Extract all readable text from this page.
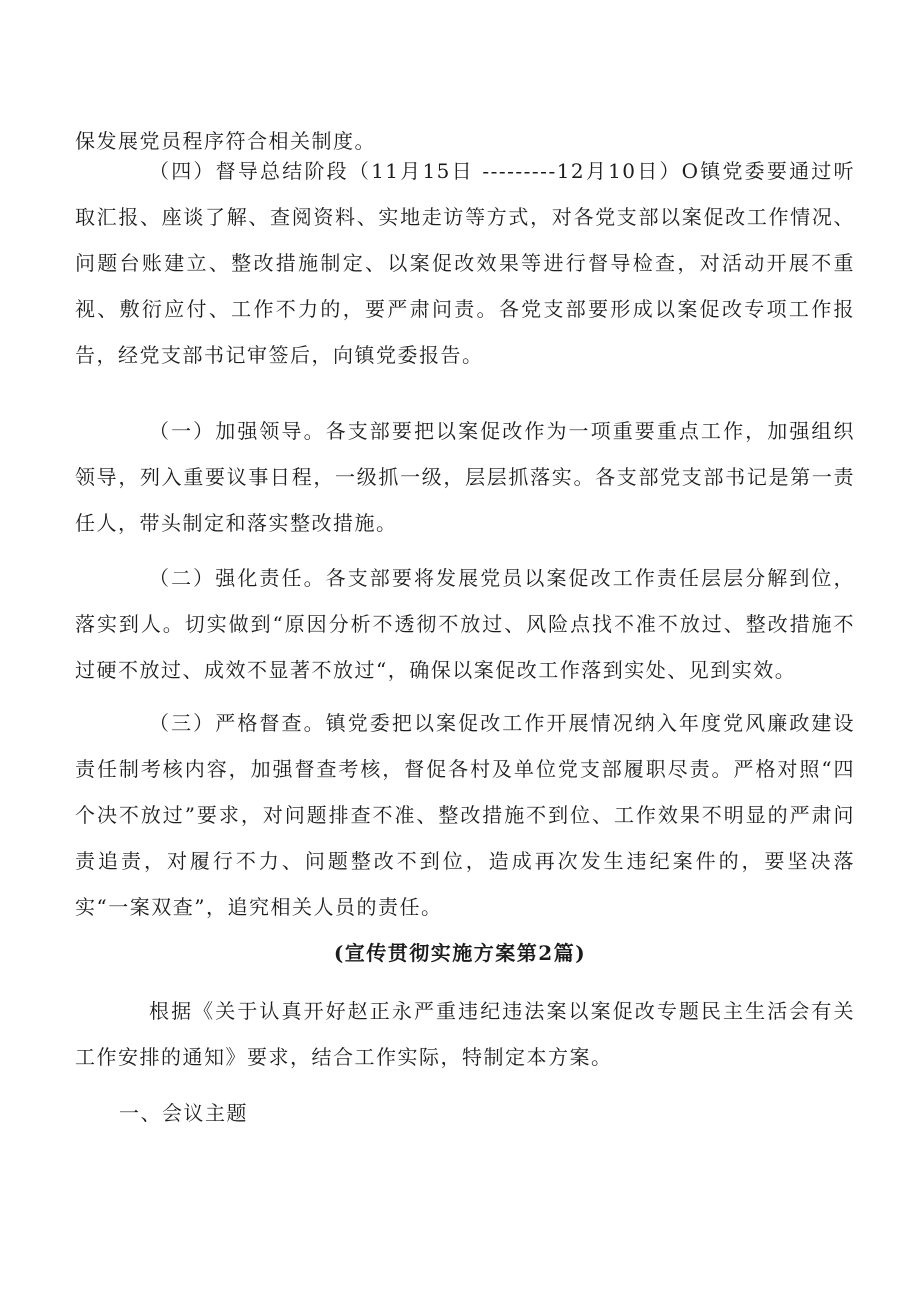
保发展党员程序符合相关制度。

（四）督导总结阶段（11月15日 ---------12月10日）O镇党委要通过听取汇报、座谈了解、查阅资料、实地走访等方式，对各党支部以案促改工作情况、问题台账建立、整改措施制定、以案促改效果等进行督导检查，对活动开展不重视、敷衍应付、工作不力的，要严肃问责。各党支部要形成以案促改专项工作报告，经党支部书记审签后，向镇党委报告。

（一）加强领导。各支部要把以案促改作为一项重要重点工作，加强组织领导，列入重要议事日程，一级抓一级，层层抓落实。各支部党支部书记是第一责任人，带头制定和落实整改措施。

（二）强化责任。各支部要将发展党员以案促改工作责任层层分解到位，落实到人。切实做到“原因分析不透彻不放过、风险点找不准不放过、整改措施不过硬不放过、成效不显著不放过“，确保以案促改工作落到实处、见到实效。

（三）严格督查。镇党委把以案促改工作开展情况纳入年度党风廉政建设责任制考核内容，加强督查考核，督促各村及单位党支部履职尽责。严格对照“四个决不放过”要求，对问题排查不准、整改措施不到位、工作效果不明显的严肃问责追责，对履行不力、问题整改不到位，造成再次发生违纪案件的，要坚决落实“一案双查”，追究相关人员的责任。

(宣传贯彻实施方案第2篇)

根据《关于认真开好赵正永严重违纪违法案以案促改专题民主生活会有关工作安排的通知》要求，结合工作实际，特制定本方案。

一、会议主题
